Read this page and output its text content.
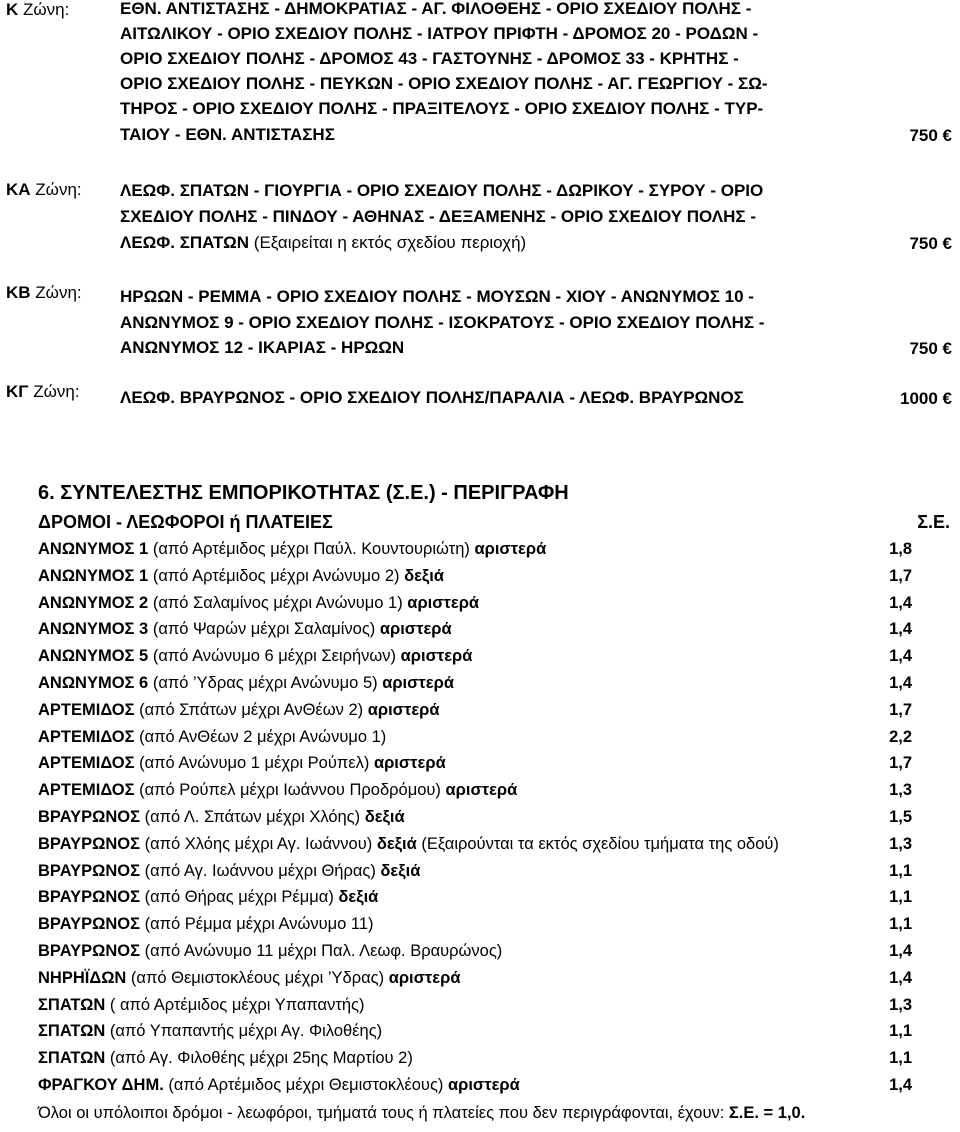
Κ Ζώνη:	ΕΘΝ. ΑΝΤΙΣΤΑΣΗΣ - ΔΗΜΟΚΡΑΤΙΑΣ - ΑΓ. ΦΙΛΟΘΕΗΣ - ΟΡΙΟ ΣΧΕΔΙΟΥ ΠΟΛΗΣ -
ΑΙΤΩΛΙΚΟΥ - ΟΡΙΟ ΣΧΕΔΙΟΥ ΠΟΛΗΣ - ΙΑΤΡΟΥ ΠΡΙΦΤΗ - ΔΡΟΜΟΣ 20 - ΡΟΔΩΝ -
ΟΡΙΟ ΣΧΕΔΙΟΥ ΠΟΛΗΣ - ΔΡΟΜΟΣ 43 - ΓΑΣΤΟΥΝΗΣ - ΔΡΟΜΟΣ 33 - ΚΡΗΤΗΣ -
ΟΡΙΟ ΣΧΕΔΙΟΥ ΠΟΛΗΣ - ΠΕΥΚΩΝ - ΟΡΙΟ ΣΧΕΔΙΟΥ ΠΟΛΗΣ - ΑΓ. ΓΕΩΡΓΙΟΥ - ΣΩ-
ΤΗΡΟΣ - ΟΡΙΟ ΣΧΕΔΙΟΥ ΠΟΛΗΣ - ΠΡΑΞΙΤΕΛΟΥΣ - ΟΡΙΟ ΣΧΕΔΙΟΥ ΠΟΛΗΣ - ΤΥΡ-
ΤΑΙΟΥ - ΕΘΝ. ΑΝΤΙΣΤΑΣΗΣ	750 €
ΚΑ Ζώνη: ΛΕΩΦ. ΣΠΑΤΩΝ - ΓΙΟΥΡΓΙΑ - ΟΡΙΟ ΣΧΕΔΙΟΥ ΠΟΛΗΣ - ΔΩΡΙΚΟΥ - ΣΥΡΟΥ - ΟΡΙΟ
ΣΧΕΔΙΟΥ ΠΟΛΗΣ - ΠΙΝΔΟΥ - ΑΘΗΝΑΣ - ΔΕΞΑΜΕΝΗΣ - ΟΡΙΟ ΣΧΕΔΙΟΥ ΠΟΛΗΣ -
ΛΕΩΦ. ΣΠΑΤΩΝ (Εξαιρείται η εκτός σχεδίου περιοχή)	750 €
ΚΒ Ζώνη: ΗΡΩΩΝ - ΡΕΜΜΑ - ΟΡΙΟ ΣΧΕΔΙΟΥ ΠΟΛΗΣ - ΜΟΥΣΩΝ - ΧΙΟΥ - ΑΝΩΝΥΜΟΣ 10 -
ΑΝΩΝΥΜΟΣ 9 - ΟΡΙΟ ΣΧΕΔΙΟΥ ΠΟΛΗΣ - ΙΣΟΚΡΑΤΟΥΣ - ΟΡΙΟ ΣΧΕΔΙΟΥ ΠΟΛΗΣ -
ΑΝΩΝΥΜΟΣ 12 - ΙΚΑΡΙΑΣ - ΗΡΩΩΝ	750 €
ΚΓ Ζώνη: ΛΕΩΦ. ΒΡΑΥΡΩΝΟΣ - ΟΡΙΟ ΣΧΕΔΙΟΥ ΠΟΛΗΣ/ΠΑΡΑΛΙΑ - ΛΕΩΦ. ΒΡΑΥΡΩΝΟΣ	1000 €
6. ΣΥΝΤΕΛΕΣΤΗΣ ΕΜΠΟΡΙΚΟΤΗΤΑΣ (Σ.Ε.) - ΠΕΡΙΓΡΑΦΗ
ΔΡΟΜΟΙ - ΛΕΩΦΟΡΟΙ ή ΠΛΑΤΕΙΕΣ	Σ.Ε.
ΑΝΩΝΥΜΟΣ 1 (από Αρτέμιδος μέχρι Παύλ. Κουντουριώτη) αριστερά	1,8
ΑΝΩΝΥΜΟΣ 1 (από Αρτέμιδος μέχρι Ανώνυμο 2) δεξιά	1,7
ΑΝΩΝΥΜΟΣ 2 (από Σαλαμίνος μέχρι Ανώνυμο 1) αριστερά	1,4
ΑΝΩΝΥΜΟΣ 3 (από Ψαρών μέχρι Σαλαμίνος) αριστερά	1,4
ΑΝΩΝΥΜΟΣ 5 (από Ανώνυμο 6 μέχρι Σειρήνων) αριστερά	1,4
ΑΝΩΝΥΜΟΣ 6 (από ’Υδρας μέχρι Ανώνυμο 5) αριστερά	1,4
ΑΡΤΕΜΙΔΟΣ (από Σπάτων μέχρι ΑνΘέων 2) αριστερά	1,7
ΑΡΤΕΜΙΔΟΣ (από ΑνΘέων 2 μέχρι Ανώνυμο 1)	2,2
ΑΡΤΕΜΙΔΟΣ (από Ανώνυμο 1 μέχρι Ρούπελ) αριστερά	1,7
ΑΡΤΕΜΙΔΟΣ (από Ρούπελ μέχρι Ιωάννου Προδρόμου) αριστερά	1,3
ΒΡΑΥΡΩΝΟΣ (από Λ. Σπάτων μέχρι Χλόης) δεξιά	1,5
ΒΡΑΥΡΩΝΟΣ (από Χλόης μέχρι Αγ. Ιωάννου) δεξιά (Εξαιρούνται τα εκτός σχεδίου τμήματα της οδού)	1,3
ΒΡΑΥΡΩΝΟΣ (από Αγ. Ιωάννου μέχρι Θήρας) δεξιά	1,1
ΒΡΑΥΡΩΝΟΣ (από Θήρας μέχρι Ρέμμα) δεξιά	1,1
ΒΡΑΥΡΩΝΟΣ (από Ρέμμα μέχρι Ανώνυμο 11)	1,1
ΒΡΑΥΡΩΝΟΣ (από Ανώνυμο 11 μέχρι Παλ. Λεωφ. Βραυρώνος)	1,4
ΝΗΡΗΪΔΩΝ (από Θεμιστοκλέους μέχρι ’Υδρας) αριστερά	1,4
ΣΠΑΤΩΝ ( από Αρτέμιδος μέχρι Υπαπαντής)	1,3
ΣΠΑΤΩΝ (από Υπαπαντής μέχρι Αγ. Φιλοθέης)	1,1
ΣΠΑΤΩΝ (από Αγ. Φιλοθέης μέχρι 25ης Μαρτίου 2)	1,1
ΦΡΑΓΚΟΥ ΔΗΜ. (από Αρτέμιδος μέχρι Θεμιστοκλέους) αριστερά	1,4
Όλοι οι υπόλοιποι δρόμοι - λεωφόροι, τμήματά τους ή πλατείες που δεν περιγράφονται, έχουν: Σ.Ε. = 1,0.
